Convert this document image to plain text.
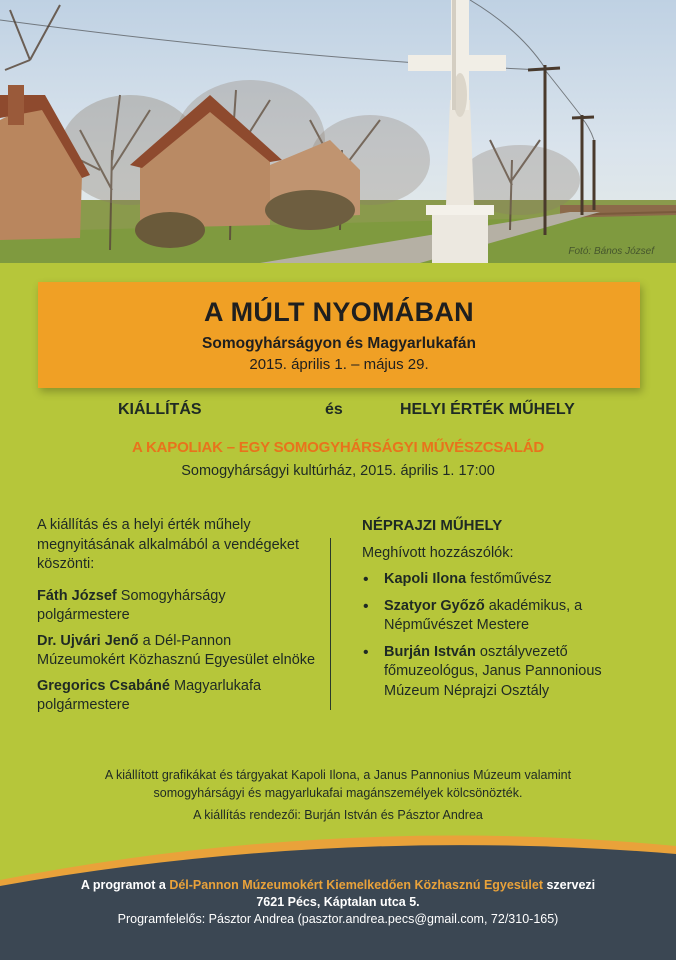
Fotó: Bános József
A MÚLT NYOMÁBAN
Somogyhárságyon és Magyarlukafán
2015. április 1. – május 29.
KIÁLLÍTÁS	és	HELYI ÉRTÉK MŰHELY
A KAPOLIAK – EGY SOMOGYHÁRSÁGYI MŰVÉSZCSALÁD
Somogyhárságyi kultúrház, 2015. április 1. 17:00

A kiállítás és a helyi érték műhely megnyitásának alkalmából a vendégeket köszönti:

Fáth József Somogyhárságy polgármestere
Dr. Ujvári Jenő a Dél-Pannon Múzeumokért Közhasznú Egyesület elnöke
Gregorics Csabáné Magyarlukafa polgármestere
NÉPRAJZI MŰHELY
Meghívott hozzászólók:
• Kapoli Ilona festőművész
• Szatyor Győző akadémikus, a Népművészet Mestere
• Burján István osztályvezető főmuzeológus, Janus Pannonious Múzeum Néprajzi Osztály
A kiállított grafikákat és tárgyakat Kapoli Ilona, a Janus Pannonius Múzeum valamint somogyhárságyi és magyarlukafai magánszemélyek kölcsönözték.
A kiállítás rendezői: Burján István és Pásztor Andrea
A programot a Dél-Pannon Múzeumokért Kiemelkedően Közhasznú Egyesület szervezi
7621 Pécs, Káptalan utca 5.
Programfelelős: Pásztor Andrea (pasztor.andrea.pecs@gmail.com, 72/310-165)
